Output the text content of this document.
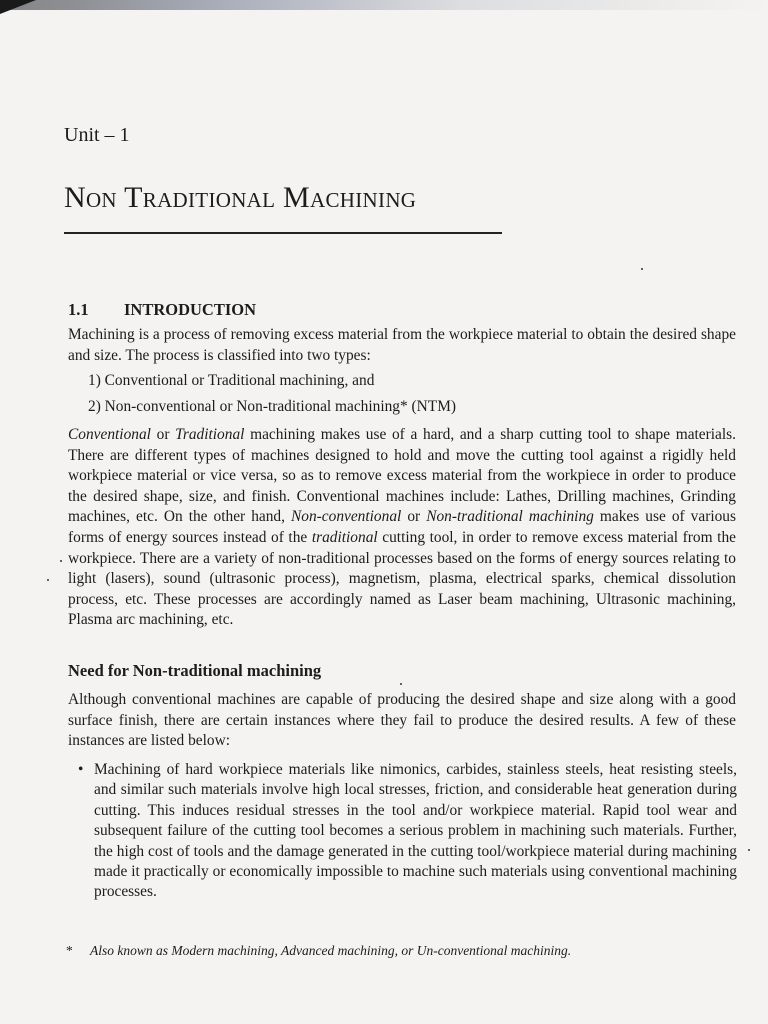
Unit – 1
Non Traditional Machining
1.1 INTRODUCTION
Machining is a process of removing excess material from the workpiece material to obtain the desired shape and size. The process is classified into two types:
1) Conventional or Traditional machining, and
2) Non-conventional or Non-traditional machining* (NTM)
Conventional or Traditional machining makes use of a hard, and a sharp cutting tool to shape materials. There are different types of machines designed to hold and move the cutting tool against a rigidly held workpiece material or vice versa, so as to remove excess material from the workpiece in order to produce the desired shape, size, and finish. Conventional machines include: Lathes, Drilling machines, Grinding machines, etc. On the other hand, Non-conventional or Non-traditional machining makes use of various forms of energy sources instead of the traditional cutting tool, in order to remove excess material from the workpiece. There are a variety of non-traditional processes based on the forms of energy sources relating to light (lasers), sound (ultrasonic process), magnetism, plasma, electrical sparks, chemical dissolution process, etc. These processes are accordingly named as Laser beam machining, Ultrasonic machining, Plasma arc machining, etc.
Need for Non-traditional machining
Although conventional machines are capable of producing the desired shape and size along with a good surface finish, there are certain instances where they fail to produce the desired results. A few of these instances are listed below:
• Machining of hard workpiece materials like nimonics, carbides, stainless steels, heat resisting steels, and similar such materials involve high local stresses, friction, and considerable heat generation during cutting. This induces residual stresses in the tool and/or workpiece material. Rapid tool wear and subsequent failure of the cutting tool becomes a serious problem in machining such materials. Further, the high cost of tools and the damage generated in the cutting tool/workpiece material during machining made it practically or economically impossible to machine such materials using conventional machining processes.
* Also known as Modern machining, Advanced machining, or Un-conventional machining.
